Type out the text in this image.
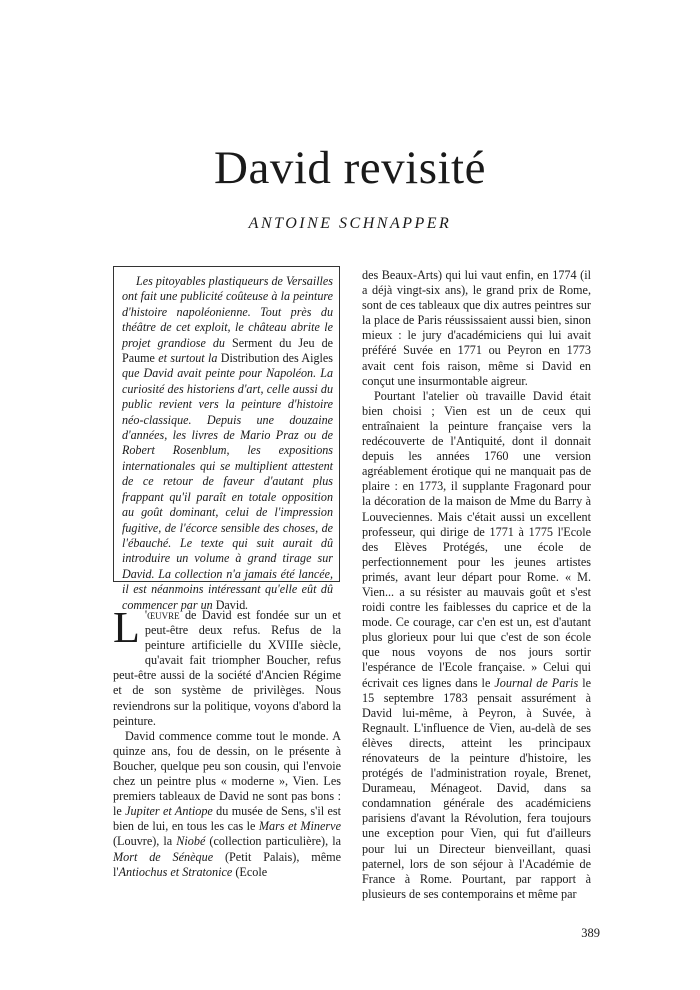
David revisité
ANTOINE SCHNAPPER
Les pitoyables plastiqueurs de Versailles ont fait une publicité coûteuse à la peinture d'histoire napoléonienne. Tout près du théâtre de cet exploit, le château abrite le projet grandiose du Serment du Jeu de Paume et surtout la Distribution des Aigles que David avait peinte pour Napoléon. La curiosité des historiens d'art, celle aussi du public revient vers la peinture d'histoire néo-classique. Depuis une douzaine d'années, les livres de Mario Praz ou de Robert Rosenblum, les expositions internationales qui se multiplient attestent de ce retour de faveur d'autant plus frappant qu'il paraît en totale opposition au goût dominant, celui de l'impression fugitive, de l'écorce sensible des choses, de l'ébauché. Le texte qui suit aurait dû introduire un volume à grand tirage sur David. La collection n'a jamais été lancée, il est néanmoins intéressant qu'elle eût dû commencer par un David.

L 'œuvre de David est fondée sur un et peut-être deux refus. Refus de la peinture artificielle du XVIIIe siècle, qu'avait fait triompher Boucher, refus peut-être aussi de la société d'Ancien Régime et de son système de privilèges. Nous reviendrons sur la politique, voyons d'abord la peinture.

David commence comme tout le monde. A quinze ans, fou de dessin, on le présente à Boucher, quelque peu son cousin, qui l'envoie chez un peintre plus « moderne », Vien. Les premiers tableaux de David ne sont pas bons : le Jupiter et Antiope du musée de Sens, s'il est bien de lui, en tous les cas le Mars et Minerve (Louvre), la Niobé (collection particulière), la Mort de Sénèque (Petit Palais), même l'Antiochus et Stratonice (Ecole

des Beaux-Arts) qui lui vaut enfin, en 1774 (il a déjà vingt-six ans), le grand prix de Rome, sont de ces tableaux que dix autres peintres sur la place de Paris réussissaient aussi bien, sinon mieux : le jury d'académiciens qui lui avait préféré Suvée en 1771 ou Peyron en 1773 avait cent fois raison, même si David en conçut une insurmontable aigreur.

Pourtant l'atelier où travaille David était bien choisi ; Vien est un de ceux qui entraînaient la peinture française vers la redécouverte de l'Antiquité, dont il donnait depuis les années 1760 une version agréablement érotique qui ne manquait pas de plaire : en 1773, il supplante Fragonard pour la décoration de la maison de Mme du Barry à Louveciennes. Mais c'était aussi un excellent professeur, qui dirige de 1771 à 1775 l'Ecole des Elèves Protégés, une école de perfectionnement pour les jeunes artistes primés, avant leur départ pour Rome. « M. Vien... a su résister au mauvais goût et s'est roidi contre les faiblesses du caprice et de la mode. Ce courage, car c'en est un, est d'autant plus glorieux pour lui que c'est de son école que nous voyons de nos jours sortir l'espérance de l'Ecole française. » Celui qui écrivait ces lignes dans le Journal de Paris le 15 septembre 1783 pensait assurément à David lui-même, à Peyron, à Suvée, à Regnault. L'influence de Vien, au-delà de ses élèves directs, atteint les principaux rénovateurs de la peinture d'histoire, les protégés de l'administration royale, Brenet, Durameau, Ménageot. David, dans sa condamnation générale des académiciens parisiens d'avant la Révolution, fera toujours une exception pour Vien, qui fut d'ailleurs pour lui un Directeur bienveillant, quasi paternel, lors de son séjour à l'Académie de France à Rome. Pourtant, par rapport à plusieurs de ses contemporains et même par

389
